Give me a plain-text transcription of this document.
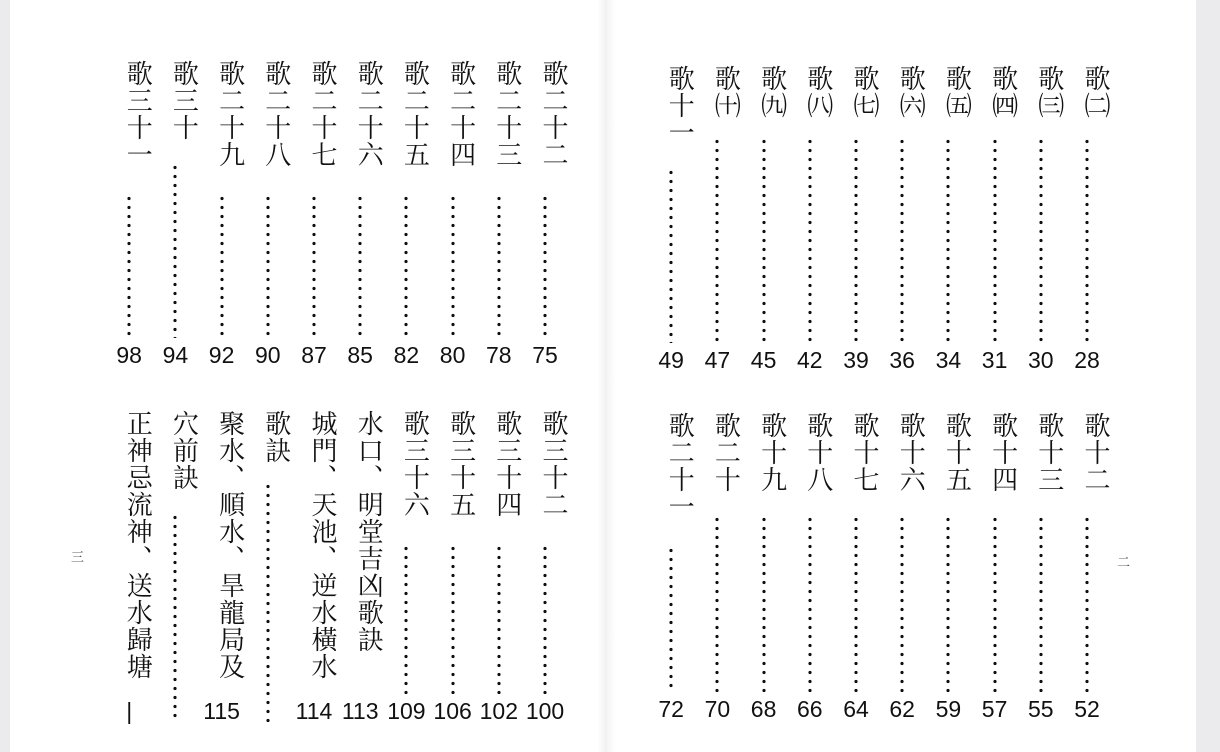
歌二十二
75
歌二十三
78
歌二十四
80
歌二十五
82
歌二十六
85
歌二十七
87
歌二十八
90
歌二十九
92
歌三十
94
歌三十一
98
歌三十二
100
歌三十四
102
歌三十五
106
歌三十六
109
水口、明堂吉凶歌訣
113
城門、天池、逆水橫水
114
歌訣
聚水、順水、旱龍局及
115
穴前訣
正神忌流神、送水歸塘
|
三
歌㈡
28
歌㈢
30
歌㈣
31
歌㈤
34
歌㈥
36
歌㈦
39
歌㈧
42
歌㈨
45
歌㈩
47
歌十一
49
歌十二
52
歌十三
55
歌十四
57
歌十五
59
歌十六
62
歌十七
64
歌十八
66
歌十九
68
歌二十
70
歌二十一
72
二
